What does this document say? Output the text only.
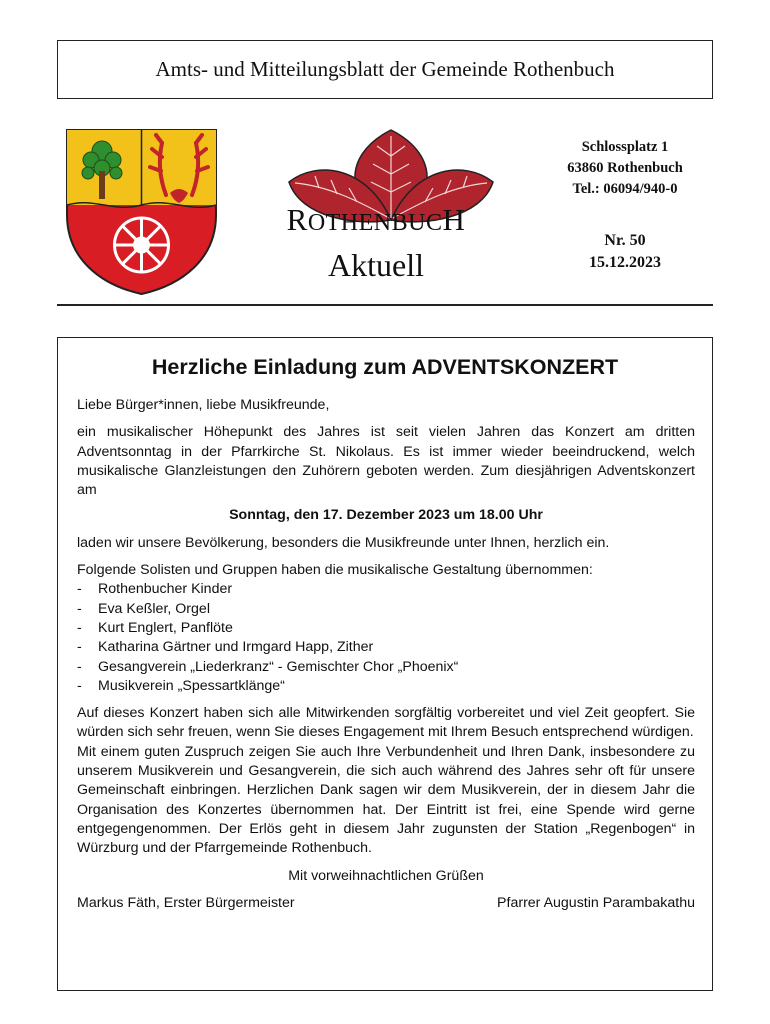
Amts- und Mitteilungsblatt der Gemeinde Rothenbuch
ROTHENBUCH
Aktuell
Schlossplatz 1
63860 Rothenbuch
Tel.: 06094/940-0
Nr. 50
15.12.2023
Herzliche Einladung zum ADVENTSKONZERT

Liebe Bürger*innen, liebe Musikfreunde,

ein musikalischer Höhepunkt des Jahres ist seit vielen Jahren das Konzert am dritten Adventsonntag in der Pfarrkirche St. Nikolaus. Es ist immer wieder beeindruckend, welch musikalische Glanzleistungen den Zuhörern geboten werden. Zum diesjährigen Adventskonzert am

Sonntag, den 17. Dezember 2023 um 18.00 Uhr

laden wir unsere Bevölkerung, besonders die Musikfreunde unter Ihnen, herzlich ein.

Folgende Solisten und Gruppen haben die musikalische Gestaltung übernommen:

- Rothenbucher Kinder
- Eva Keßler, Orgel
- Kurt Englert, Panflöte
- Katharina Gärtner und Irmgard Happ, Zither
- Gesangverein „Liederkranz“ - Gemischter Chor „Phoenix“
- Musikverein „Spessartklänge“

Auf dieses Konzert haben sich alle Mitwirkenden sorgfältig vorbereitet und viel Zeit geopfert. Sie würden sich sehr freuen, wenn Sie dieses Engagement mit Ihrem Besuch entsprechend würdigen.

Mit einem guten Zuspruch zeigen Sie auch Ihre Verbundenheit und Ihren Dank, insbesondere zu unserem Musikverein und Gesangverein, die sich auch während des Jahres sehr oft für unsere Gemeinschaft einbringen. Herzlichen Dank sagen wir dem Musikverein, der in diesem Jahr die Organisation des Konzertes übernommen hat. Der Eintritt ist frei, eine Spende wird gerne entgegengenommen. Der Erlös geht in diesem Jahr zugunsten der Station „Regenbogen“ in Würzburg und der Pfarrgemeinde Rothenbuch.

Mit vorweihnachtlichen Grüßen

Markus Fäth, Erster Bürgermeister	Pfarrer Augustin Parambakathu
